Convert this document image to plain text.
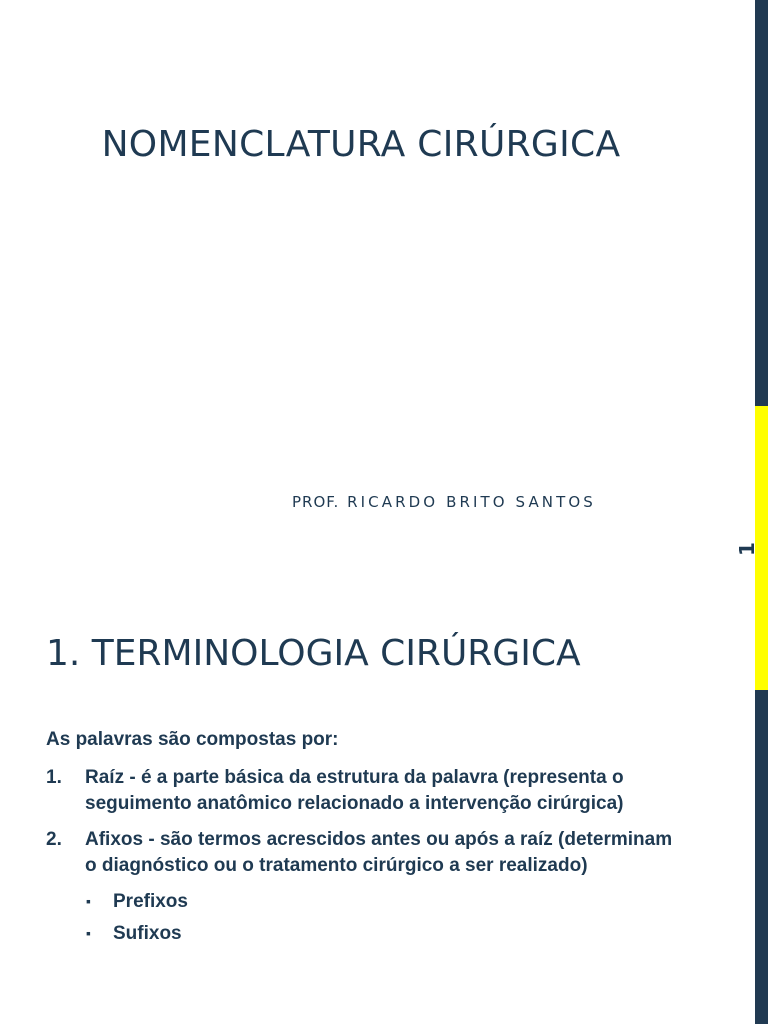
1
NOMENCLATURA CIRÚRGICA
PROF. RICARDO BRITO SANTOS
1. TERMINOLOGIA CIRÚRGICA
As palavras são compostas por:
1. Raíz - é a parte básica da estrutura da palavra (representa o seguimento anatômico relacionado a intervenção cirúrgica)
2. Afixos - são termos acrescidos antes ou após a raíz (determinam o diagnóstico ou o tratamento cirúrgico a ser realizado)
▪ Prefixos
▪ Sufixos
